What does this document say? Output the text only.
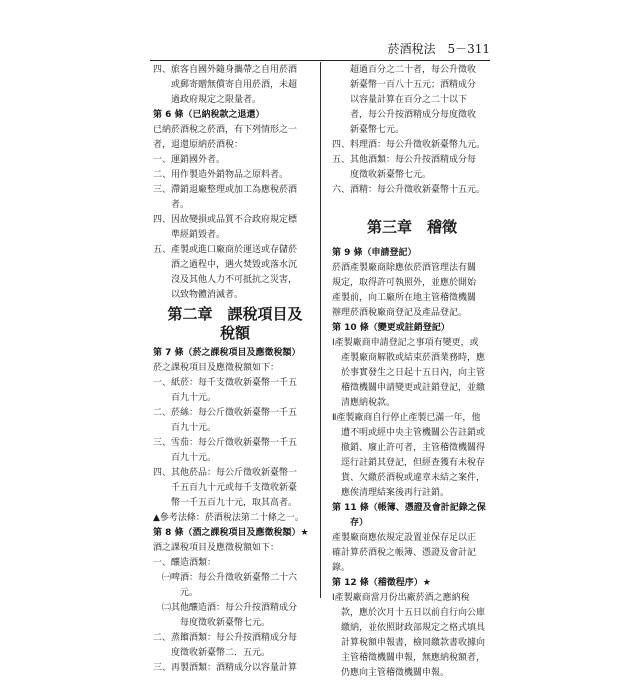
菸酒稅法　5－311
四、旅客自國外隨身攜帶之自用菸酒
　　或郵寄贈無償寄自用菸酒，未超
　　過政府規定之限量者。
第 6 條（已納稅款之退還）
已納菸酒稅之菸酒，有下列情形之一
者，退還原納菸酒稅：
一、運銷國外者。
二、用作製造外銷物品之原料者。
三、滯銷退廠整理或加工為應稅菸酒
　　者。
四、因故變損或品質不合政府規定標
　　準經銷毀者。
五、產製或進口廠商於運送或存儲菸
　　酒之過程中，遇火焚毀或落水沉
　　沒及其他人力不可抵抗之災害，
　　以致物體消滅者。
第二章　課稅項目及
稅額
第 7 條（菸之課稅項目及應徵稅額）
菸之課稅項目及應徵稅額如下：
一、紙菸：每千支徵收新臺幣一千五
　　百九十元。
二、菸絲：每公斤徵收新臺幣一千五
　　百九十元。
三、雪茄：每公斤徵收新臺幣一千五
　　百九十元。
四、其他菸品：每公斤徵收新臺幣一
　　千五百九十元或每千支徵收新臺
　　幣一千五百九十元，取其高者。
▲參考法條：菸酒稅法第二十條之一。
第 8 條（酒之課稅項目及應徵稅額）★
酒之課稅項目及應徵稅額如下：
一、釀造酒類：
　㈠啤酒：每公升徵收新臺幣二十六
　　　元。
　㈡其他釀造酒：每公升按酒精成分
　　　每度徵收新臺幣七元。
二、蒸餾酒類：每公升按酒精成分每
　　度徵收新臺幣二．五元。
三、再製酒類：酒精成分以容量計算
　　超過百分之二十者，每公升徵收
　　新臺幣一百八十五元；酒精成分
　　以容量計算在百分之二十以下
　　者，每公升按酒精成分每度徵收
　　新臺幣七元。
四、料理酒：每公升徵收新臺幣九元。
五、其他酒類：每公升按酒精成分每
　　度徵收新臺幣七元。
六、酒精：每公升徵收新臺幣十五元。
第三章　稽徵
第 9 條（申請登記）
菸酒產製廠商除應依菸酒管理法有關
規定，取得許可執照外，並應於開始
產製前，向工廠所在地主管稽徵機關
辦理菸酒稅廠商登記及產品登記。
第 10 條（變更或註銷登記）
Ⅰ產製廠商申請登記之事項有變更，或
　產製廠商解散或結束菸酒業務時，應
　於事實發生之日起十五日內，向主管
　稽徵機關申請變更或註銷登記，並繳
　清應納稅款。
Ⅱ產製廠商自行停止產製已滿一年，他
　遭不明或經中央主管機關公告註銷或
　撤銷、廢止許可者，主管稽徵機關得
　逕行註銷其登記，但經查獲有未稅存
　貨、欠繳菸酒稅或違章未結之案件，
　應俟清理結案後再行註銷。
第 11 條（帳簿、憑證及會計記錄之保
　　存）
產製廠商應依規定設置並保存足以正
確計算菸酒稅之帳簿、憑證及會計記
錄。
第 12 條（稽徵程序）★
Ⅰ產製廠商當月份出廠菸酒之應納稅
　款，應於次月十五日以前自行向公庫
　繳納，並依照財政部規定之格式填具
　計算稅額申報書，檢同繳款書收據向
　主管稽徵機關申報，無應納稅額者，
　仍應向主管稽徵機關申報。
